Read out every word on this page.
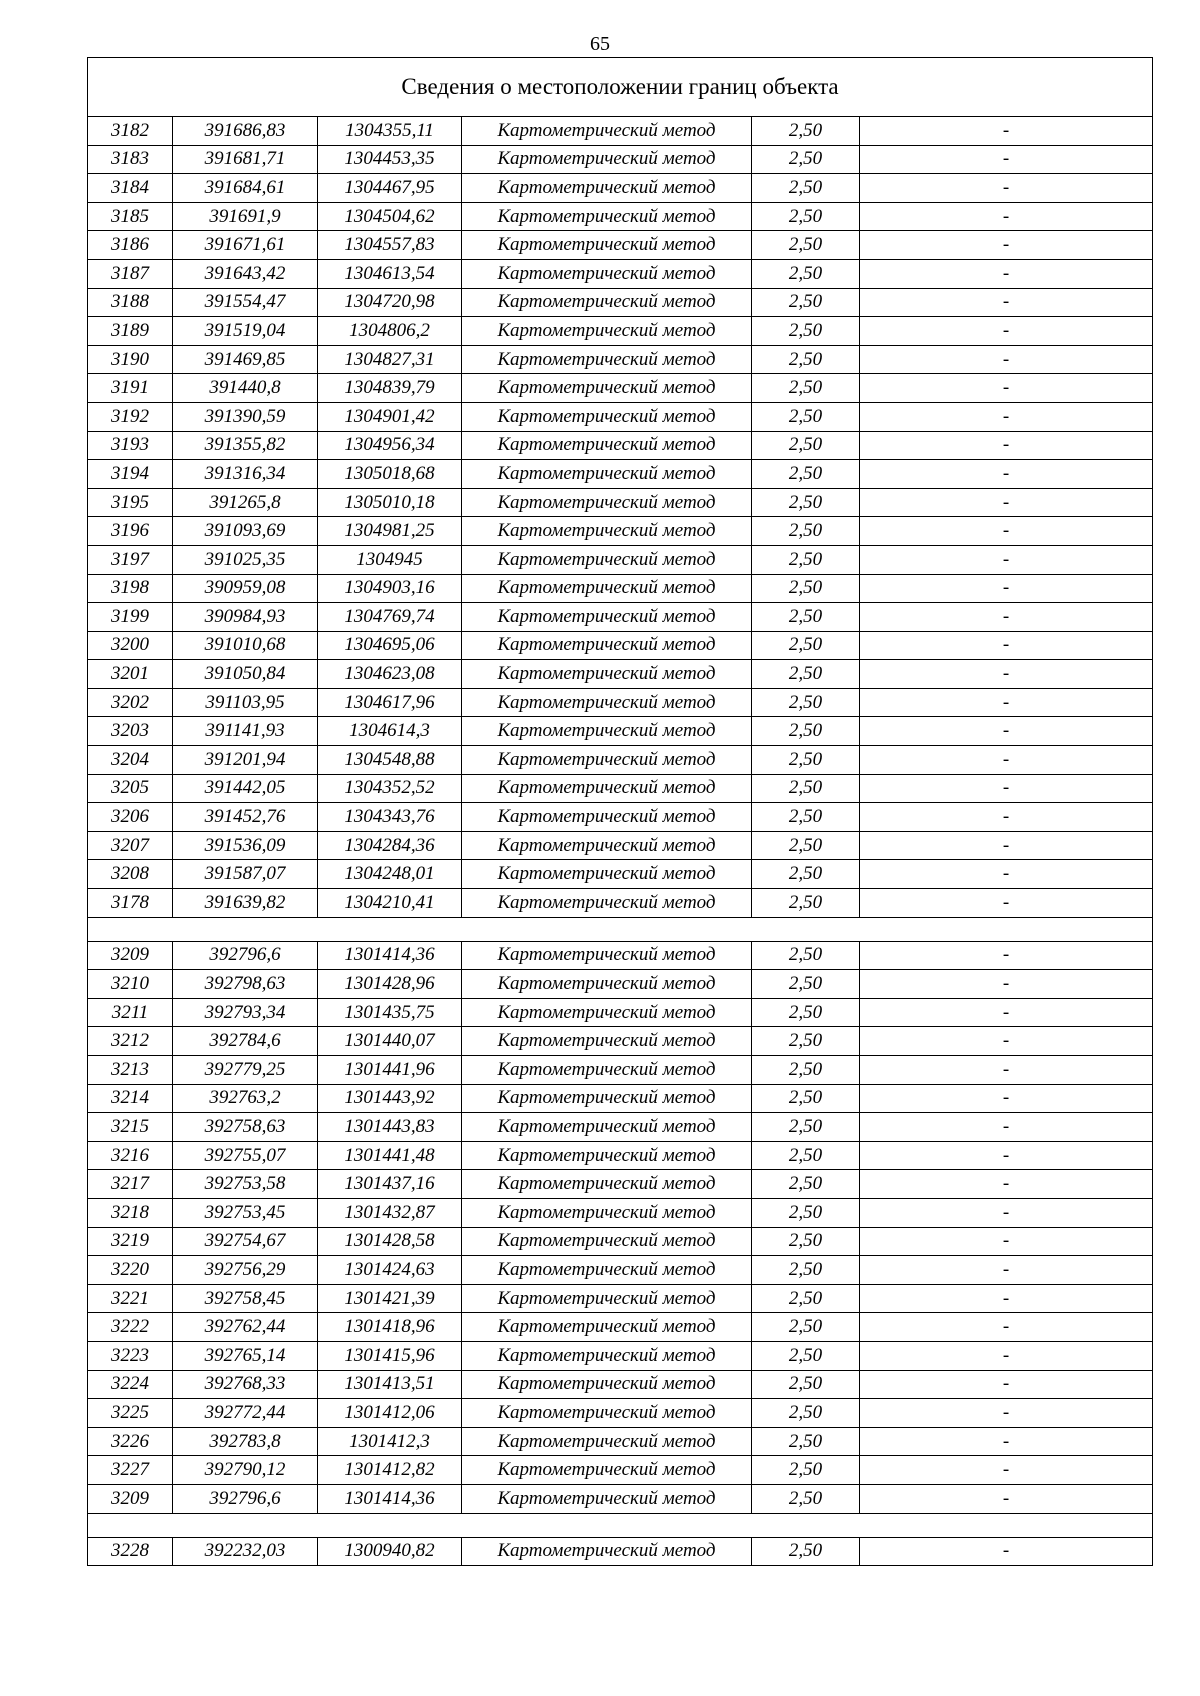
65
Сведения о местоположении границ объекта					
3182	391686,83	1304355,11	Картометрический метод	2,50	-
3183	391681,71	1304453,35	Картометрический метод	2,50	-
3184	391684,61	1304467,95	Картометрический метод	2,50	-
3185	391691,9	1304504,62	Картометрический метод	2,50	-
3186	391671,61	1304557,83	Картометрический метод	2,50	-
3187	391643,42	1304613,54	Картометрический метод	2,50	-
3188	391554,47	1304720,98	Картометрический метод	2,50	-
3189	391519,04	1304806,2	Картометрический метод	2,50	-
3190	391469,85	1304827,31	Картометрический метод	2,50	-
3191	391440,8	1304839,79	Картометрический метод	2,50	-
3192	391390,59	1304901,42	Картометрический метод	2,50	-
3193	391355,82	1304956,34	Картометрический метод	2,50	-
3194	391316,34	1305018,68	Картометрический метод	2,50	-
3195	391265,8	1305010,18	Картометрический метод	2,50	-
3196	391093,69	1304981,25	Картометрический метод	2,50	-
3197	391025,35	1304945	Картометрический метод	2,50	-
3198	390959,08	1304903,16	Картометрический метод	2,50	-
3199	390984,93	1304769,74	Картометрический метод	2,50	-
3200	391010,68	1304695,06	Картометрический метод	2,50	-
3201	391050,84	1304623,08	Картометрический метод	2,50	-
3202	391103,95	1304617,96	Картометрический метод	2,50	-
3203	391141,93	1304614,3	Картометрический метод	2,50	-
3204	391201,94	1304548,88	Картометрический метод	2,50	-
3205	391442,05	1304352,52	Картометрический метод	2,50	-
3206	391452,76	1304343,76	Картометрический метод	2,50	-
3207	391536,09	1304284,36	Картометрический метод	2,50	-
3208	391587,07	1304248,01	Картометрический метод	2,50	-
3178	391639,82	1304210,41	Картометрический метод	2,50	-

3209	392796,6	1301414,36	Картометрический метод	2,50	-
3210	392798,63	1301428,96	Картометрический метод	2,50	-
3211	392793,34	1301435,75	Картометрический метод	2,50	-
3212	392784,6	1301440,07	Картометрический метод	2,50	-
3213	392779,25	1301441,96	Картометрический метод	2,50	-
3214	392763,2	1301443,92	Картометрический метод	2,50	-
3215	392758,63	1301443,83	Картометрический метод	2,50	-
3216	392755,07	1301441,48	Картометрический метод	2,50	-
3217	392753,58	1301437,16	Картометрический метод	2,50	-
3218	392753,45	1301432,87	Картометрический метод	2,50	-
3219	392754,67	1301428,58	Картометрический метод	2,50	-
3220	392756,29	1301424,63	Картометрический метод	2,50	-
3221	392758,45	1301421,39	Картометрический метод	2,50	-
3222	392762,44	1301418,96	Картометрический метод	2,50	-
3223	392765,14	1301415,96	Картометрический метод	2,50	-
3224	392768,33	1301413,51	Картометрический метод	2,50	-
3225	392772,44	1301412,06	Картометрический метод	2,50	-
3226	392783,8	1301412,3	Картометрический метод	2,50	-
3227	392790,12	1301412,82	Картометрический метод	2,50	-
3209	392796,6	1301414,36	Картометрический метод	2,50	-

3228	392232,03	1300940,82	Картометрический метод	2,50	-
